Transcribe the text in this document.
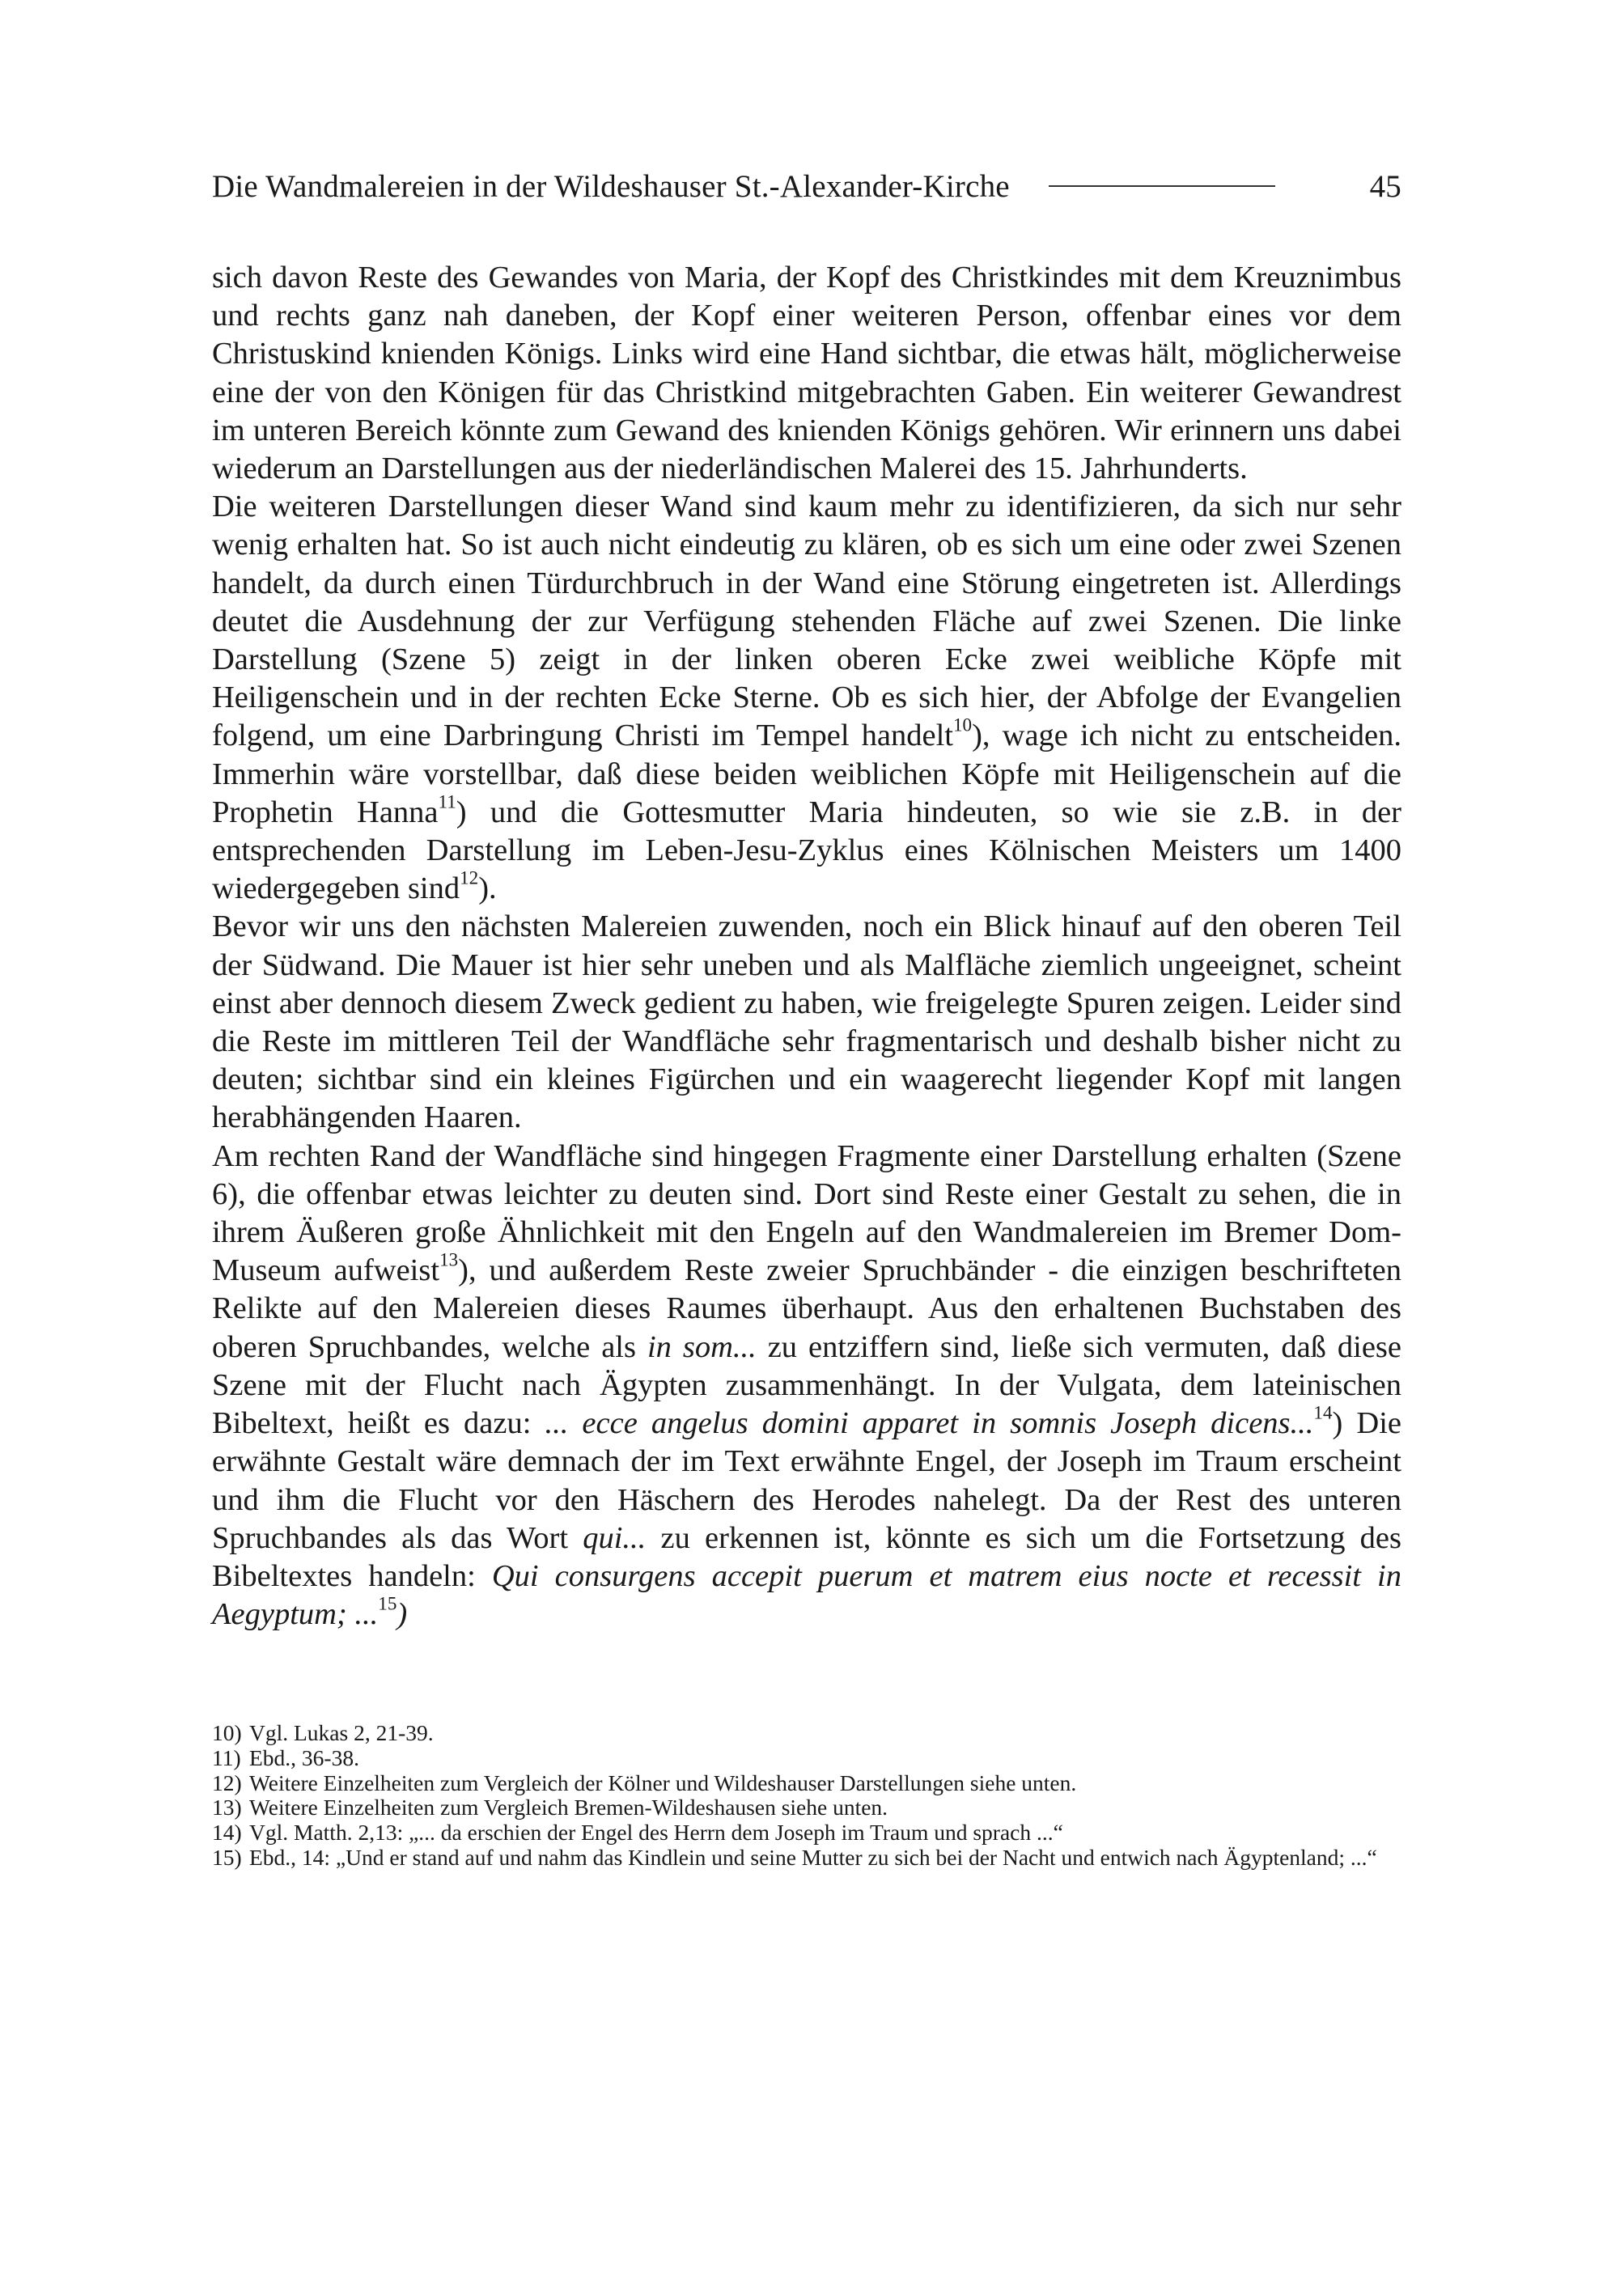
Die Wandmalereien in der Wildeshauser St.-Alexander-Kirche	45

sich davon Reste des Gewandes von Maria, der Kopf des Christkindes mit dem Kreuznimbus und rechts ganz nah daneben, der Kopf einer weiteren Person, offenbar eines vor dem Christuskind knienden Königs. Links wird eine Hand sichtbar, die etwas hält, möglicherweise eine der von den Königen für das Christkind mitgebrachten Gaben. Ein weiterer Gewandrest im unteren Bereich könnte zum Gewand des knienden Königs gehören. Wir erinnern uns dabei wiederum an Darstellungen aus der niederländischen Malerei des 15. Jahrhunderts.

Die weiteren Darstellungen dieser Wand sind kaum mehr zu identifizieren, da sich nur sehr wenig erhalten hat. So ist auch nicht eindeutig zu klären, ob es sich um eine oder zwei Szenen handelt, da durch einen Türdurchbruch in der Wand eine Störung eingetreten ist. Allerdings deutet die Ausdehnung der zur Verfügung stehenden Fläche auf zwei Szenen. Die linke Darstellung (Szene 5) zeigt in der linken oberen Ecke zwei weibliche Köpfe mit Heiligenschein und in der rechten Ecke Sterne. Ob es sich hier, der Abfolge der Evangelien folgend, um eine Darbringung Christi im Tempel handelt$^{10}$), wage ich nicht zu entscheiden. Immerhin wäre vorstellbar, daß diese beiden weiblichen Köpfe mit Heiligenschein auf die Prophetin Hanna$^{11}$) und die Gottesmutter Maria hindeuten, so wie sie z.B. in der entsprechenden Darstellung im Leben-Jesu-Zyklus eines Kölnischen Meisters um 1400 wiedergegeben sind$^{12}$).

Bevor wir uns den nächsten Malereien zuwenden, noch ein Blick hinauf auf den oberen Teil der Südwand. Die Mauer ist hier sehr uneben und als Malfläche ziemlich ungeeignet, scheint einst aber dennoch diesem Zweck gedient zu haben, wie freigelegte Spuren zeigen. Leider sind die Reste im mittleren Teil der Wandfläche sehr fragmentarisch und deshalb bisher nicht zu deuten; sichtbar sind ein kleines Figürchen und ein waagerecht liegender Kopf mit langen herabhängenden Haaren.

Am rechten Rand der Wandfläche sind hingegen Fragmente einer Darstellung erhalten (Szene 6), die offenbar etwas leichter zu deuten sind. Dort sind Reste einer Gestalt zu sehen, die in ihrem Äußeren große Ähnlichkeit mit den Engeln auf den Wandmalereien im Bremer Dom-Museum aufweist$^{13}$), und außerdem Reste zweier Spruchbänder - die einzigen beschrifteten Relikte auf den Malereien dieses Raumes überhaupt. Aus den erhaltenen Buchstaben des oberen Spruchbandes, welche als in som... zu entziffern sind, ließe sich vermuten, daß diese Szene mit der Flucht nach Ägypten zusammenhängt. In der Vulgata, dem lateinischen Bibeltext, heißt es dazu: ... ecce angelus domini apparet in somnis Joseph dicens...$^{14}$) Die erwähnte Gestalt wäre demnach der im Text erwähnte Engel, der Joseph im Traum erscheint und ihm die Flucht vor den Häschern des Herodes nahelegt. Da der Rest des unteren Spruchbandes als das Wort qui... zu erkennen ist, könnte es sich um die Fortsetzung des Bibeltextes handeln: Qui consurgens accepit puerum et matrem eius nocte et recessit in Aegyptum; ...$^{15}$)

10) Vgl. Lukas 2, 21-39.
11) Ebd., 36-38.
12) Weitere Einzelheiten zum Vergleich der Kölner und Wildeshauser Darstellungen siehe unten.
13) Weitere Einzelheiten zum Vergleich Bremen-Wildeshausen siehe unten.
14) Vgl. Matth. 2,13: „... da erschien der Engel des Herrn dem Joseph im Traum und sprach ...“
15) Ebd., 14: „Und er stand auf und nahm das Kindlein und seine Mutter zu sich bei der Nacht und entwich nach Ägyptenland; ...“
